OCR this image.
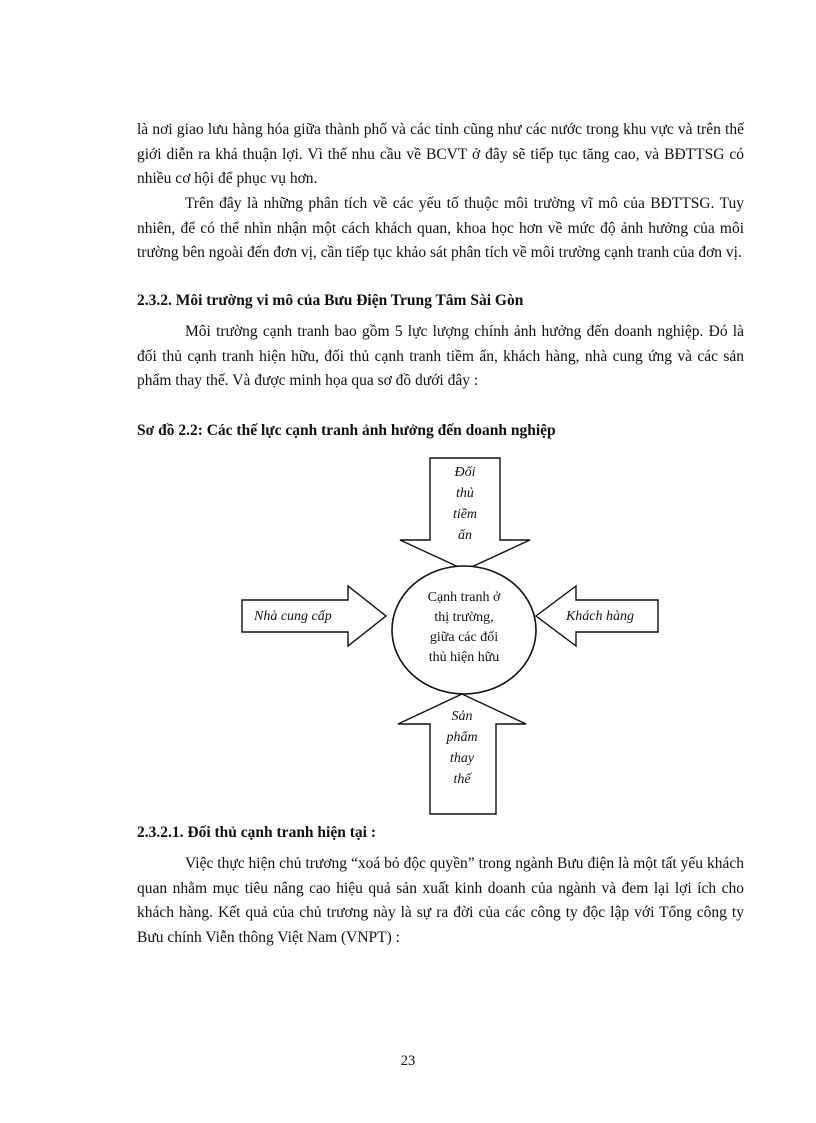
là nơi giao lưu hàng hóa giữa thành phố và các tỉnh cũng như các nước trong khu vực và trên thế giới diễn ra khá thuận lợi. Vì thế nhu cầu về BCVT ở đây sẽ tiếp tục tăng cao, và BĐTTSG có nhiều cơ hội để phục vụ hơn.

Trên đây là những phân tích về các yếu tố thuộc môi trường vĩ mô của BĐTTSG. Tuy nhiên, để có thể nhìn nhận một cách khách quan, khoa học hơn về mức độ ảnh hưởng của môi trường bên ngoài đến đơn vị, cần tiếp tục khảo sát phân tích về môi trường cạnh tranh của đơn vị.

2.3.2. Môi trường vi mô của Bưu Điện Trung Tâm Sài Gòn

Môi trường cạnh tranh bao gồm 5 lực lượng chính ảnh hưởng đến doanh nghiệp. Đó là đối thủ cạnh tranh hiện hữu, đối thủ cạnh tranh tiềm ẩn, khách hàng, nhà cung ứng và các sản phẩm thay thế. Và được minh họa qua sơ đồ dưới đây :

Sơ đồ 2.2: Các thế lực cạnh tranh ảnh hưởng đến doanh nghiệp
Đối
thủ
tiềm
ẩn
Nhà cung cấp	Khách hàng
Cạnh tranh ở
thị trường,
giữa các đối
thủ hiện hữu
Sản
phẩm
thay
thế
2.3.2.1. Đối thủ cạnh tranh hiện tại :

Việc thực hiện chủ trương “xoá bỏ độc quyền” trong ngành Bưu điện là một tất yếu khách quan nhằm mục tiêu nâng cao hiệu quả sản xuất kinh doanh của ngành và đem lại lợi ích cho khách hàng. Kết quả của chủ trương này là sự ra đời của các công ty độc lập với Tổng công ty Bưu chính Viễn thông Việt Nam (VNPT) :

23
